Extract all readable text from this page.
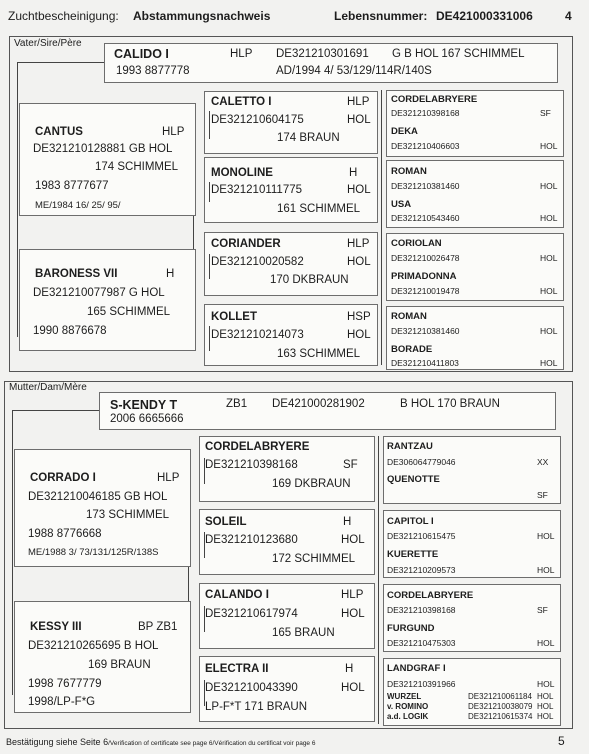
Zuchtbescheinigung: Abstammungsnachweis	Lebensnummer: DE421000331006	4
Vater/Sire/Père
CALIDO I	HLP DE321210301691 G B HOL 167 SCHIMMEL
1993 8877778	AD/1994 4/ 53/129/114R/140S
CANTUS	HLP
DE321210128881 GB HOL
174 SCHIMMEL
1983 8777677
ME/1984 16/ 25/ 95/
BARONESS VII	H
DE321210077987 G HOL
165 SCHIMMEL
1990 8876678
CALETTO I	HLP
DE321210604175	HOL
174 BRAUN
MONOLINE	H
DE321210111775	HOL
161 SCHIMMEL
CORIANDER	HLP
DE321210020582	HOL
170 DKBRAUN
KOLLET	HSP
DE321210214073	HOL
163 SCHIMMEL
CORDELABRYERE
DE321210398168	SF
DEKA
DE321210406603	HOL
ROMAN
DE321210381460	HOL
USA
DE321210543460	HOL
CORIOLAN
DE321210026478	HOL
PRIMADONNA
DE321210019478	HOL
ROMAN
DE321210381460	HOL
BORADE
DE321210411803	HOL
Mutter/Dam/Mère
S-KENDY T	ZB1 DE421000281902	B HOL 170 BRAUN
2006 6665666
CORRADO I	HLP
DE321210046185 GB HOL
173 SCHIMMEL
1988 8776668
ME/1988 3/ 73/131/125R/138S
KESSY III	BP ZB1
DE321210265695 B HOL
169 BRAUN
1998 7677779
1998/LP-F*G
CORDELABRYERE
SF
DE321210398168
169 DKBRAUN
SOLEIL	H
DE321210123680	HOL
172 SCHIMMEL
CALANDO I	HLP
DE321210617974	HOL
165 BRAUN
ELECTRA II	H
DE321210043390	HOL
LP-F*T 171 BRAUN
RANTZAU
DE306064779046	XX
QUENOTTE
SF
CAPITOL I
DE321210615475	HOL
KUERETTE
DE321210209573	HOL
CORDELABRYERE
DE321210398168	SF
FURGUND
DE321210475303	HOL
LANDGRAF I
DE321210391966	HOL
WURZEL	DE321210061184 HOL
v. ROMINO	DE321210038079 HOL
a.d. LOGIK	DE321210615374 HOL
Bestätigung siehe Seite 6/Verification of certificate see page 6/Vérification du certificat voir page 6	5
